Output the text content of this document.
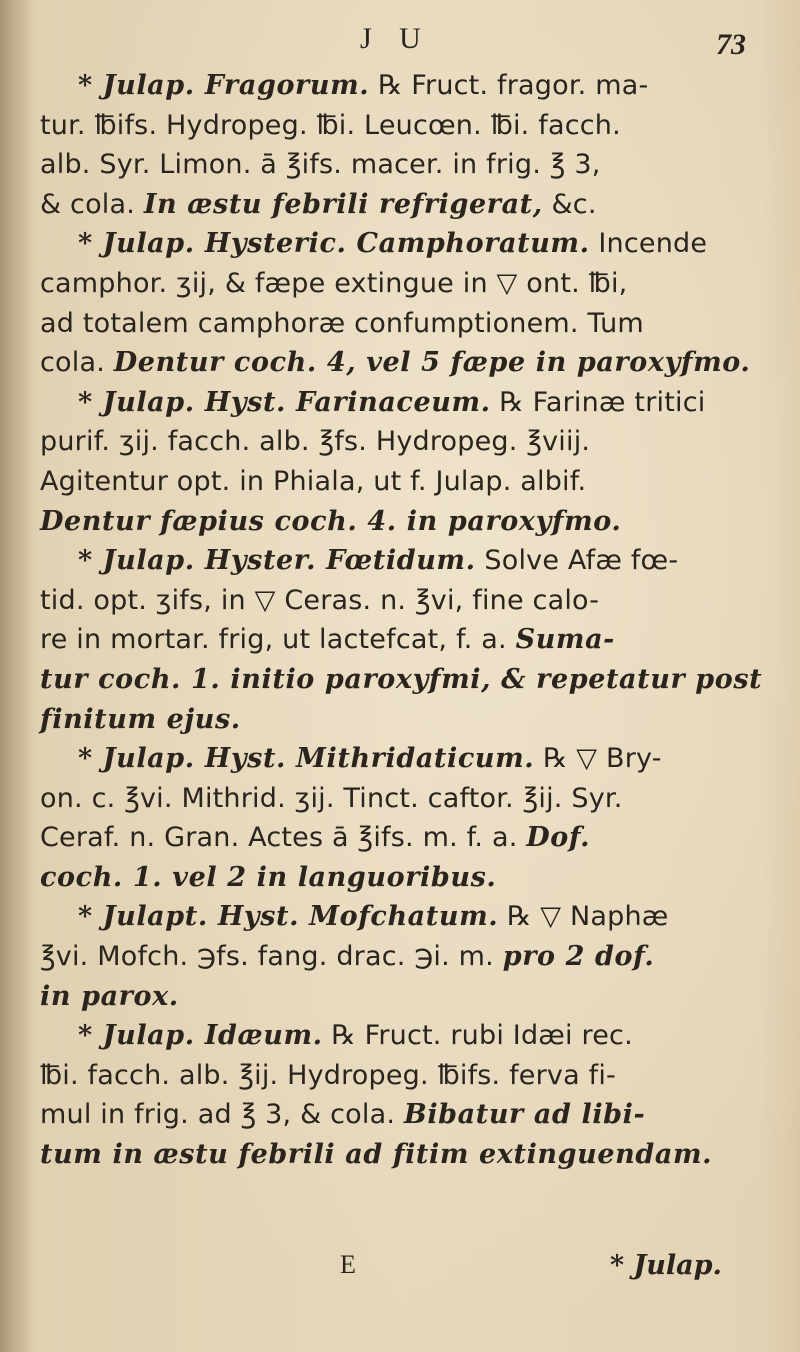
J U	73
* Julap. Fragorum. ℞ Fruct. fragor. ma-
tur. ℔ifs. Hydropeg. ℔i. Leucœn. ℔i. facch.
alb. Syr. Limon. ā ℥ifs. macer. in frig. ℥ 3,
& cola. In æstu febrili refrigerat, &c.
* Julap. Hysteric. Camphoratum. Incende
camphor. ʒij, & fæpe extingue in ▽ ont. ℔i,
ad totalem camphoræ confumptionem. Tum
cola. Dentur coch. 4, vel 5 fæpe in paroxyfmo.
* Julap. Hyst. Farinaceum. ℞ Farinæ tritici
purif. ʒij. facch. alb. ℥fs. Hydropeg. ℥viij.
Agitentur opt. in Phiala, ut f. Julap. albif.
Dentur fæpius coch. 4. in paroxyfmo.
* Julap. Hyster. Fœtidum. Solve Afæ fœ-
tid. opt. ʒifs, in ▽ Ceras. n. ℥vi, fine calo-
re in mortar. frig, ut lactefcat, f. a. Suma-
tur coch. 1. initio paroxyfmi, & repetatur post
finitum ejus.
* Julap. Hyst. Mithridaticum. ℞ ▽ Bry-
on. c. ℥vi. Mithrid. ʒij. Tinct. caftor. ℥ij. Syr.
Ceraf. n. Gran. Actes ā ℥ifs. m. f. a. Dof.
coch. 1. vel 2 in languoribus.
* Julapt. Hyst. Mofchatum. ℞ ▽ Naphæ
℥vi. Mofch. ℈fs. fang. drac. ℈i. m. pro 2 dof.
in parox.
* Julap. Idæum. ℞ Fruct. rubi Idæi rec.
℔i. facch. alb. ℥ij. Hydropeg. ℔ifs. ferva fi-
mul in frig. ad ℥ 3, & cola. Bibatur ad libi-
tum in æstu febrili ad fitim extinguendam.
E	* Julap.
